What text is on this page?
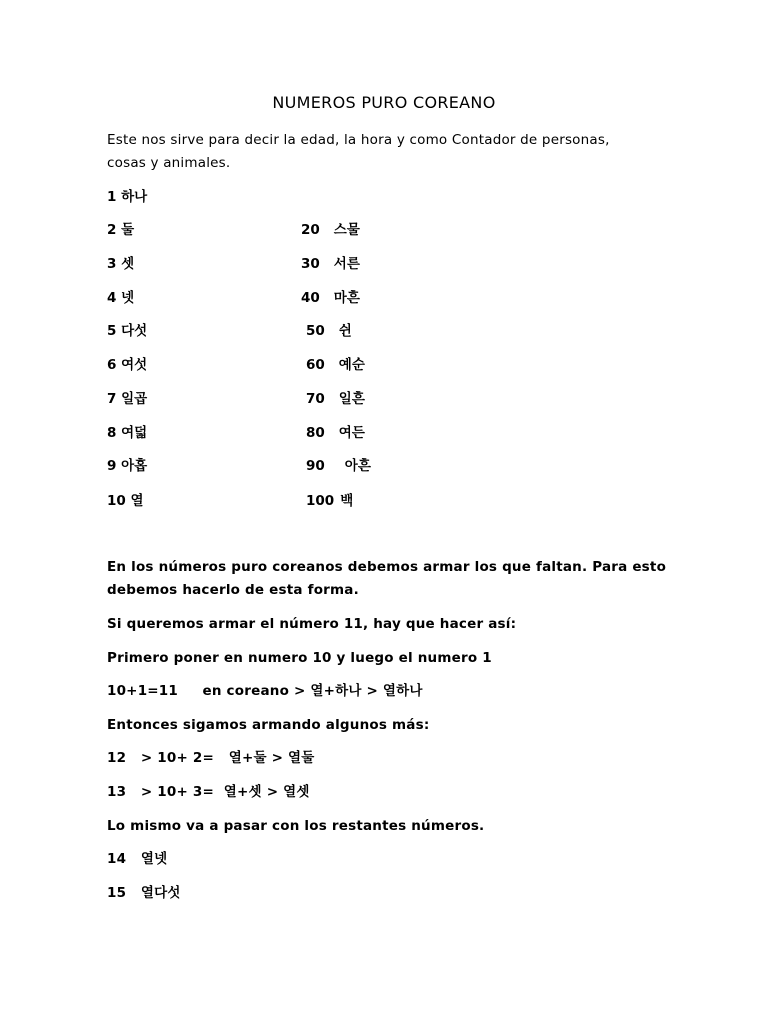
NUMEROS PURO COREANO
Este nos sirve para decir la edad, la hora y como Contador de personas,
cosas y animales.
1 하나
2 둘
3 셋
4 넷
5 다섯
6 여섯
7 일곱
8 여덟
9 아홉
10 열
20 스물
30 서른
40 마흔
50 쉰
60 예순
70 일흔
80 여든
90 아흔
100 백
En los números puro coreanos debemos armar los que faltan. Para esto
debemos hacerlo de esta forma.
Si queremos armar el número 11, hay que hacer así:
Primero poner en numero 10 y luego el numero 1
10+1=11     en coreano > 열+하나 > 열하나
Entonces sigamos armando algunos más:
12   > 10+ 2=   열+둘 > 열둘
13   > 10+ 3=  열+셋 > 열셋
Lo mismo va a pasar con los restantes números.
14   열넷
15   열다섯
